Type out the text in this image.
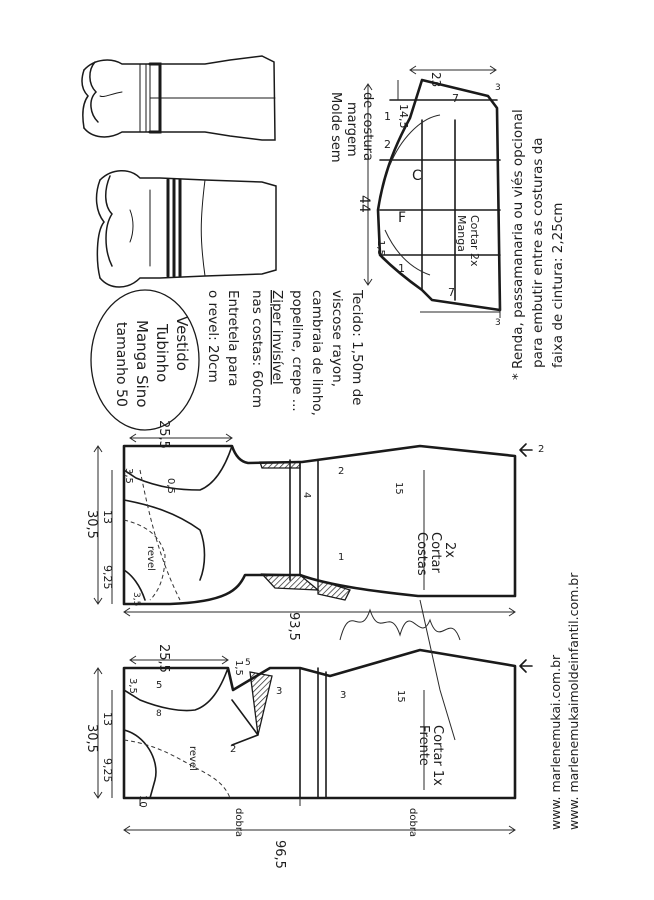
Vestido
Tubinho
Manga Sino
tamanho 50	Tecido: 1,50m de
viscose rayon,
cambraia de linho,
popeline, crepe ...
Ziper invisível
nas costas: 60cm
Entretela para
o revel: 20cm
Molde sem margem de costura
Manga Cortar 2x
F
C
44
23
14,5
1
2
1,5
7
7
3
3
1	* Renda, passamanaria ou viés opcional para embutir entre as costuras da faixa de cintura: 2,25cm
Costas Cortar 2x
25,5
30,5 13
9,25
3,5
0,5
93,5
4
15
2
2
1
revel
3,5
Frente Cortar 1x
25,5
30,5
13
9,25
10
3,5
96,5
1,5
15
3	3
2
5
dobra	dobra
revel
8
5	www. marlenemukai.com.br www. marlenemukaimoldeinfantil.com.br
